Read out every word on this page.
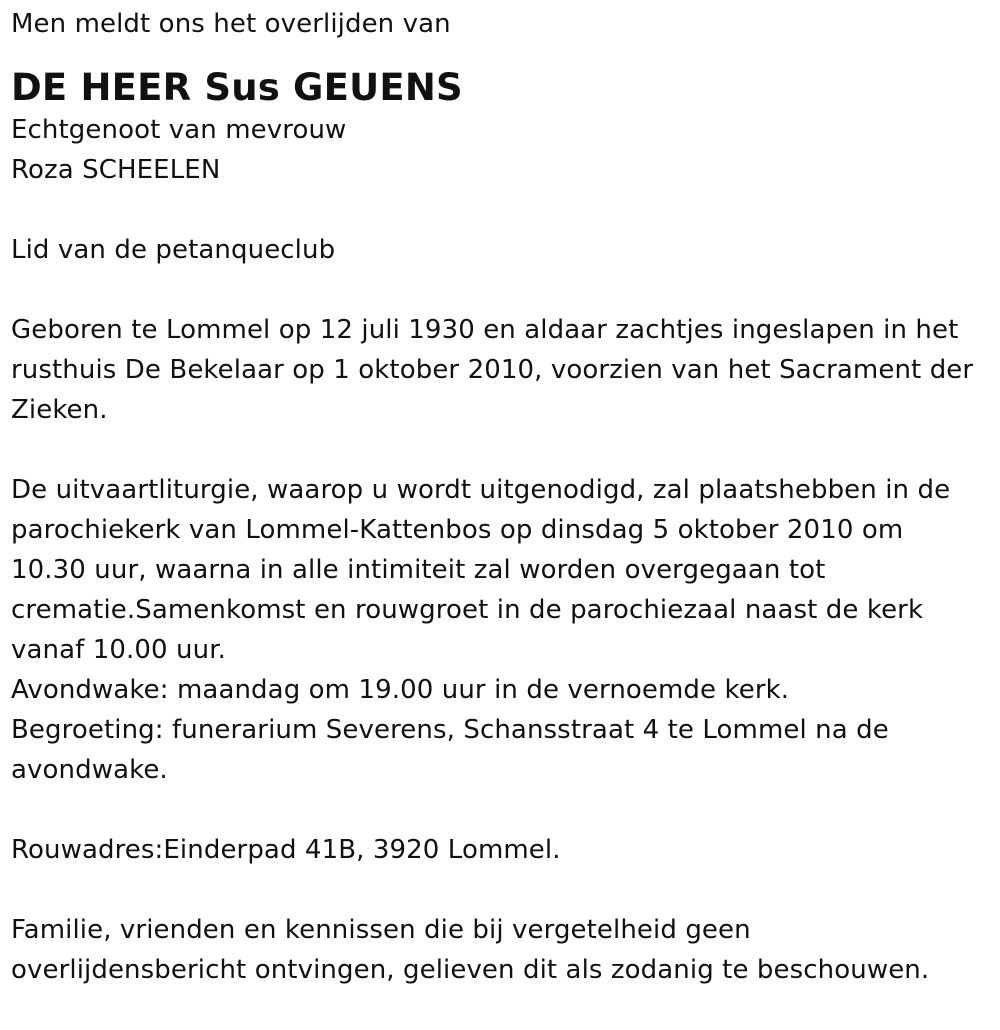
Men meldt ons het overlijden van
DE HEER Sus GEUENS
Echtgenoot van mevrouw
Roza SCHEELEN
Lid van de petanqueclub
Geboren te Lommel op 12 juli 1930 en aldaar zachtjes ingeslapen in het
rusthuis De Bekelaar op 1 oktober 2010, voorzien van het Sacrament der
Zieken.
De uitvaartliturgie, waarop u wordt uitgenodigd, zal plaatshebben in de
parochiekerk van Lommel-Kattenbos op dinsdag 5 oktober 2010 om
10.30 uur, waarna in alle intimiteit zal worden overgegaan tot
crematie.Samenkomst en rouwgroet in de parochiezaal naast de kerk
vanaf 10.00 uur.
Avondwake: maandag om 19.00 uur in de vernoemde kerk.
Begroeting: funerarium Severens, Schansstraat 4 te Lommel na de
avondwake.
Rouwadres:Einderpad 41B, 3920 Lommel.
Familie, vrienden en kennissen die bij vergetelheid geen
overlijdensbericht ontvingen, gelieven dit als zodanig te beschouwen.
